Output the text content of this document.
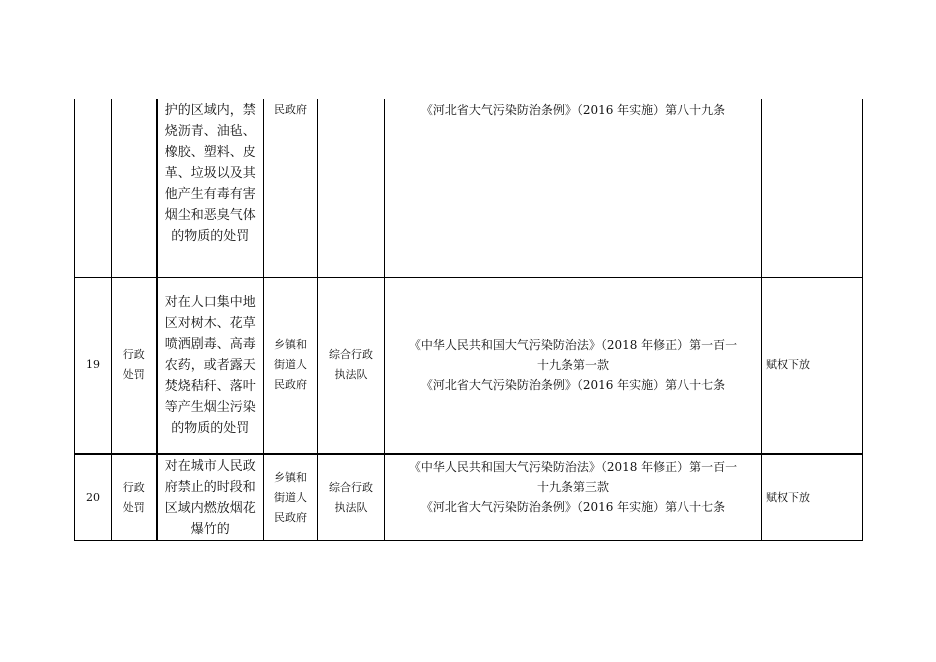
		护的区域内，禁烧沥青、油毡、橡胶、塑料、皮革、垃圾以及其他产生有毒有害烟尘和恶臭气体的物质的处罚	民政府		《河北省大气污染防治条例》（2016 年实施）第八十九条	

19	行政
处罚	对在人口集中地区对树木、花草喷洒剧毒、高毒农药，或者露天焚烧秸秆、落叶等产生烟尘污染的物质的处罚	乡镇和
街道人
民政府	综合行政
执法队	《中华人民共和国大气污染防治法》（2018 年修正）第一百一
十九条第一款
《河北省大气污染防治条例》（2016 年实施）第八十七条	赋权下放
20	行政
处罚	对在城市人民政府禁止的时段和区域内燃放烟花爆竹的	乡镇和
街道人
民政府	综合行政
执法队	《中华人民共和国大气污染防治法》（2018 年修正）第一百一
十九条第三款
《河北省大气污染防治条例》（2016 年实施）第八十七条	赋权下放
